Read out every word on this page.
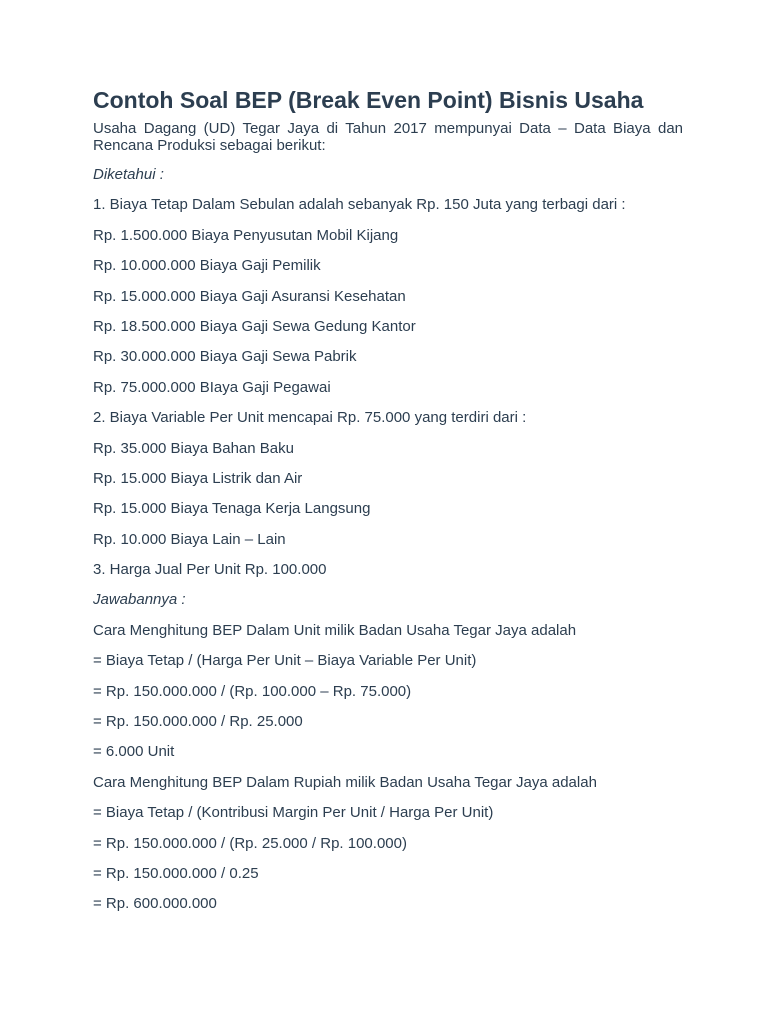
Contoh Soal BEP (Break Even Point) Bisnis Usaha

Usaha Dagang (UD) Tegar Jaya di Tahun 2017 mempunyai Data – Data Biaya dan Rencana Produksi sebagai berikut:

Diketahui :

1. Biaya Tetap Dalam Sebulan adalah sebanyak Rp. 150 Juta yang terbagi dari :

Rp. 1.500.000 Biaya Penyusutan Mobil Kijang

Rp. 10.000.000 Biaya Gaji Pemilik

Rp. 15.000.000 Biaya Gaji Asuransi Kesehatan

Rp. 18.500.000 Biaya Gaji Sewa Gedung Kantor

Rp. 30.000.000 Biaya Gaji Sewa Pabrik

Rp. 75.000.000 BIaya Gaji Pegawai

2. Biaya Variable Per Unit mencapai Rp. 75.000 yang terdiri dari :

Rp. 35.000 Biaya Bahan Baku

Rp. 15.000 Biaya Listrik dan Air

Rp. 15.000 Biaya Tenaga Kerja Langsung

Rp. 10.000 Biaya Lain – Lain

3. Harga Jual Per Unit Rp. 100.000

Jawabannya :

Cara Menghitung BEP Dalam Unit milik Badan Usaha Tegar Jaya adalah

= Biaya Tetap / (Harga Per Unit – Biaya Variable Per Unit)

= Rp. 150.000.000 / (Rp. 100.000 – Rp. 75.000)

= Rp. 150.000.000 / Rp. 25.000

= 6.000 Unit

Cara Menghitung BEP Dalam Rupiah milik Badan Usaha Tegar Jaya adalah

= Biaya Tetap / (Kontribusi Margin Per Unit / Harga Per Unit)

= Rp. 150.000.000 / (Rp. 25.000 / Rp. 100.000)

= Rp. 150.000.000 / 0.25

= Rp. 600.000.000
